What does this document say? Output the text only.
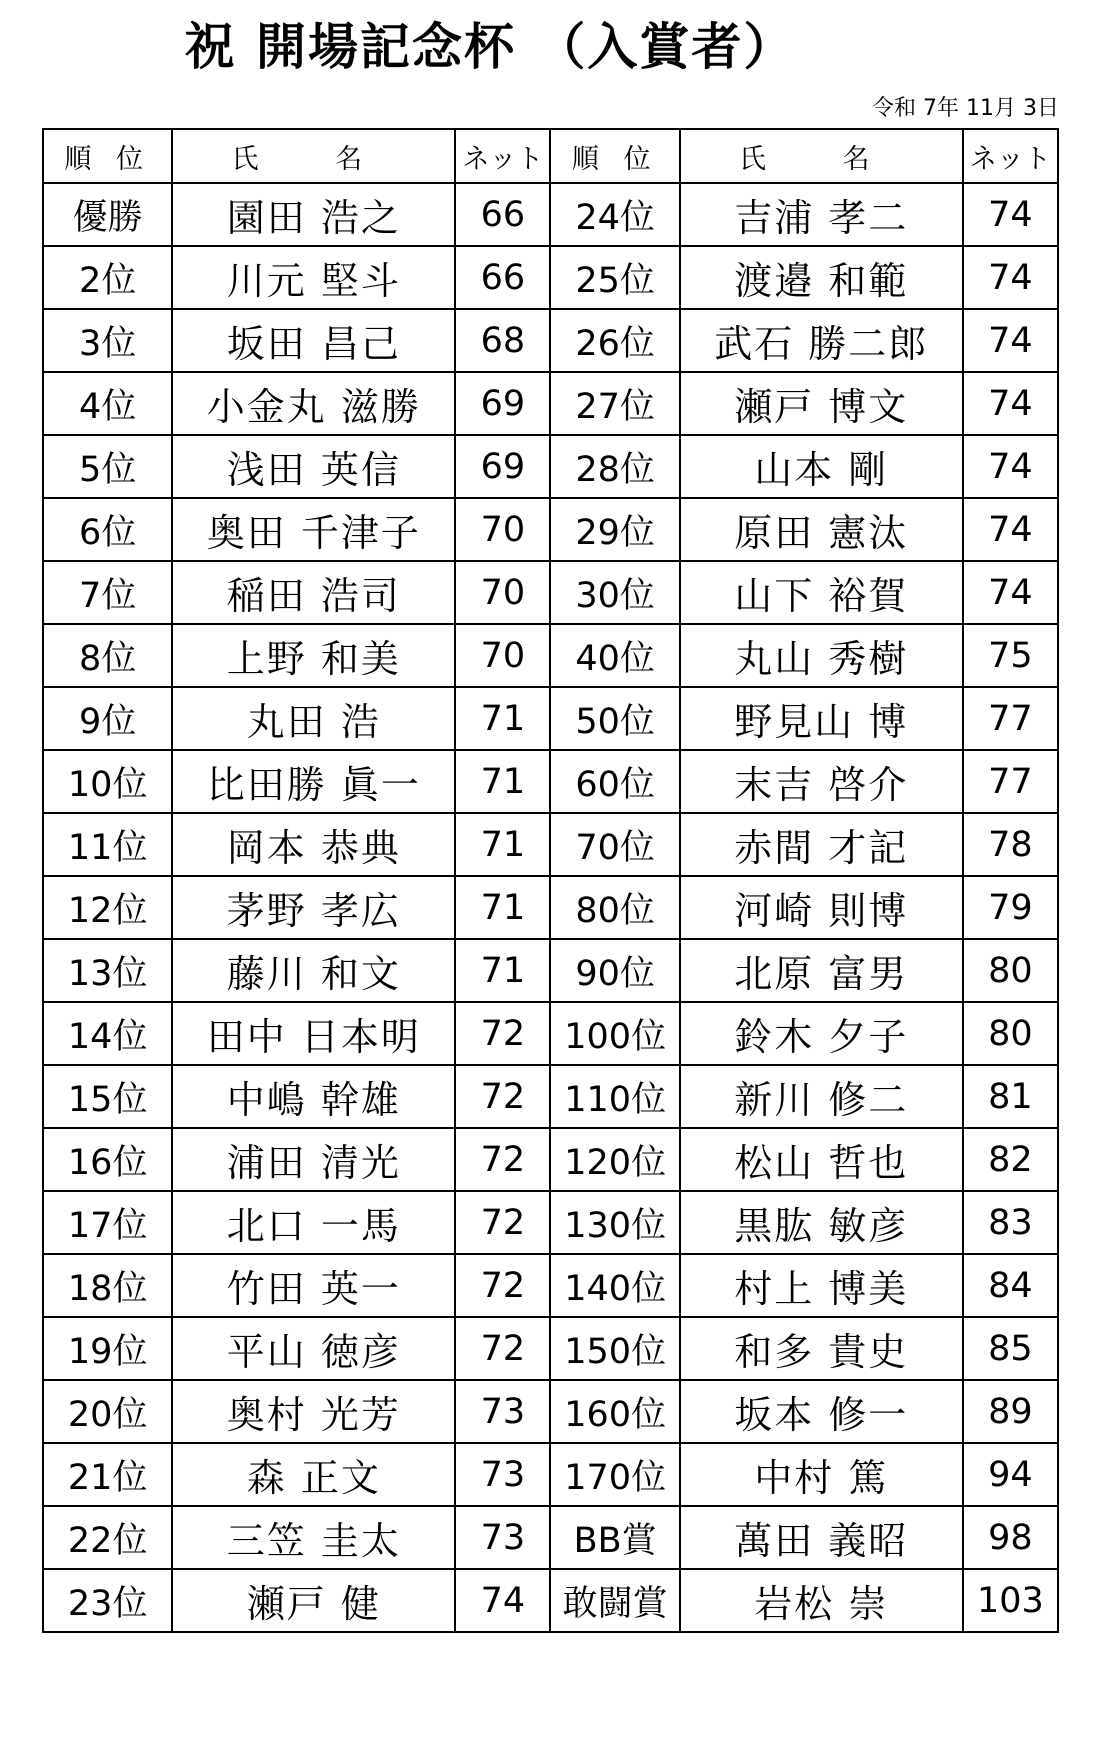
祝 開場記念杯 （入賞者）
令和 7年 11月 3日
順 位	氏 名	ネット	順 位	氏 名	ネット
優勝	園田 浩之	66	24位	吉浦 孝二	74
2位	川元 堅斗	66	25位	渡邉 和範	74
3位	坂田 昌己	68	26位	武石 勝二郎	74
4位	小金丸 滋勝	69	27位	瀬戸 博文	74
5位	浅田 英信	69	28位	山本 剛	74
6位	奥田 千津子	70	29位	原田 憲汰	74
7位	稲田 浩司	70	30位	山下 裕賀	74
8位	上野 和美	70	40位	丸山 秀樹	75
9位	丸田 浩	71	50位	野見山 博	77
10位	比田勝 眞一	71	60位	末吉 啓介	77
11位	岡本 恭典	71	70位	赤間 才記	78
12位	茅野 孝広	71	80位	河崎 則博	79
13位	藤川 和文	71	90位	北原 富男	80
14位	田中 日本明	72	100位	鈴木 夕子	80
15位	中嶋 幹雄	72	110位	新川 修二	81
16位	浦田 清光	72	120位	松山 哲也	82
17位	北口 一馬	72	130位	黒肱 敏彦	83
18位	竹田 英一	72	140位	村上 博美	84
19位	平山 徳彦	72	150位	和多 貴史	85
20位	奥村 光芳	73	160位	坂本 修一	89
21位	森 正文	73	170位	中村 篤	94
22位	三笠 圭太	73	BB賞	萬田 義昭	98
23位	瀬戸 健	74	敢闘賞	岩松 崇	103
